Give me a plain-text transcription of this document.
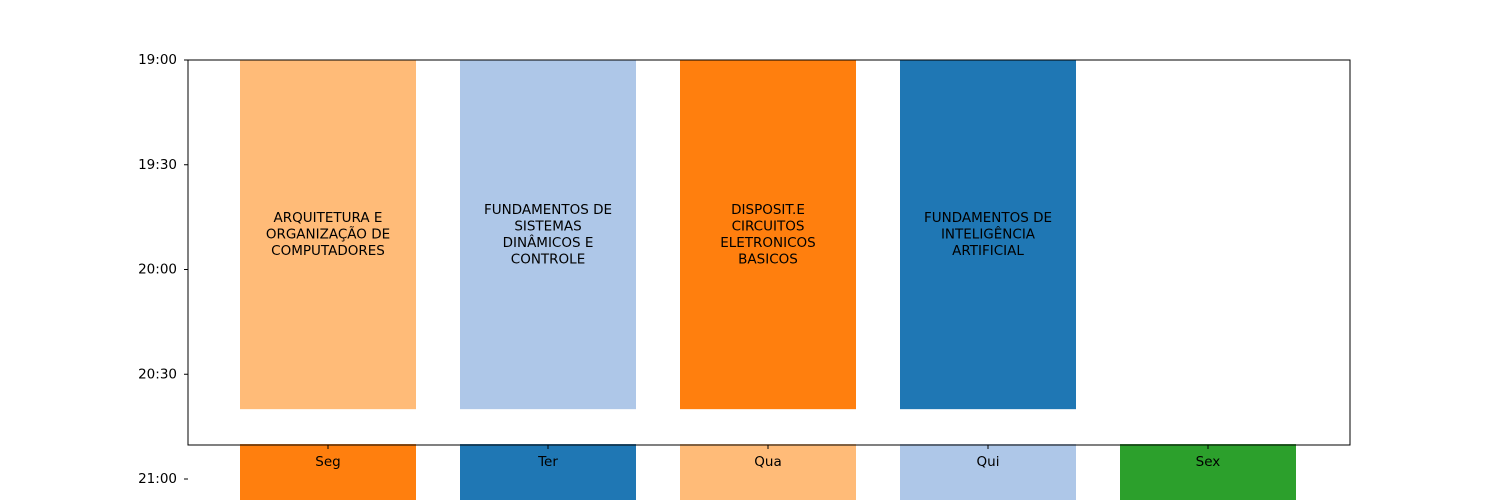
ARQUITETURA E
ORGANIZAÇÃO DE
COMPUTADORES
FUNDAMENTOS DE
SISTEMAS
DINÂMICOS E
CONTROLE
DISPOSIT.E
CIRCUITOS
ELETRONICOS
BASICOS
FUNDAMENTOS DE
INTELIGÊNCIA
ARTIFICIAL
19:00
19:30
20:00
20:30
21:00
Seg	Ter	Qua	Qui	Sex
